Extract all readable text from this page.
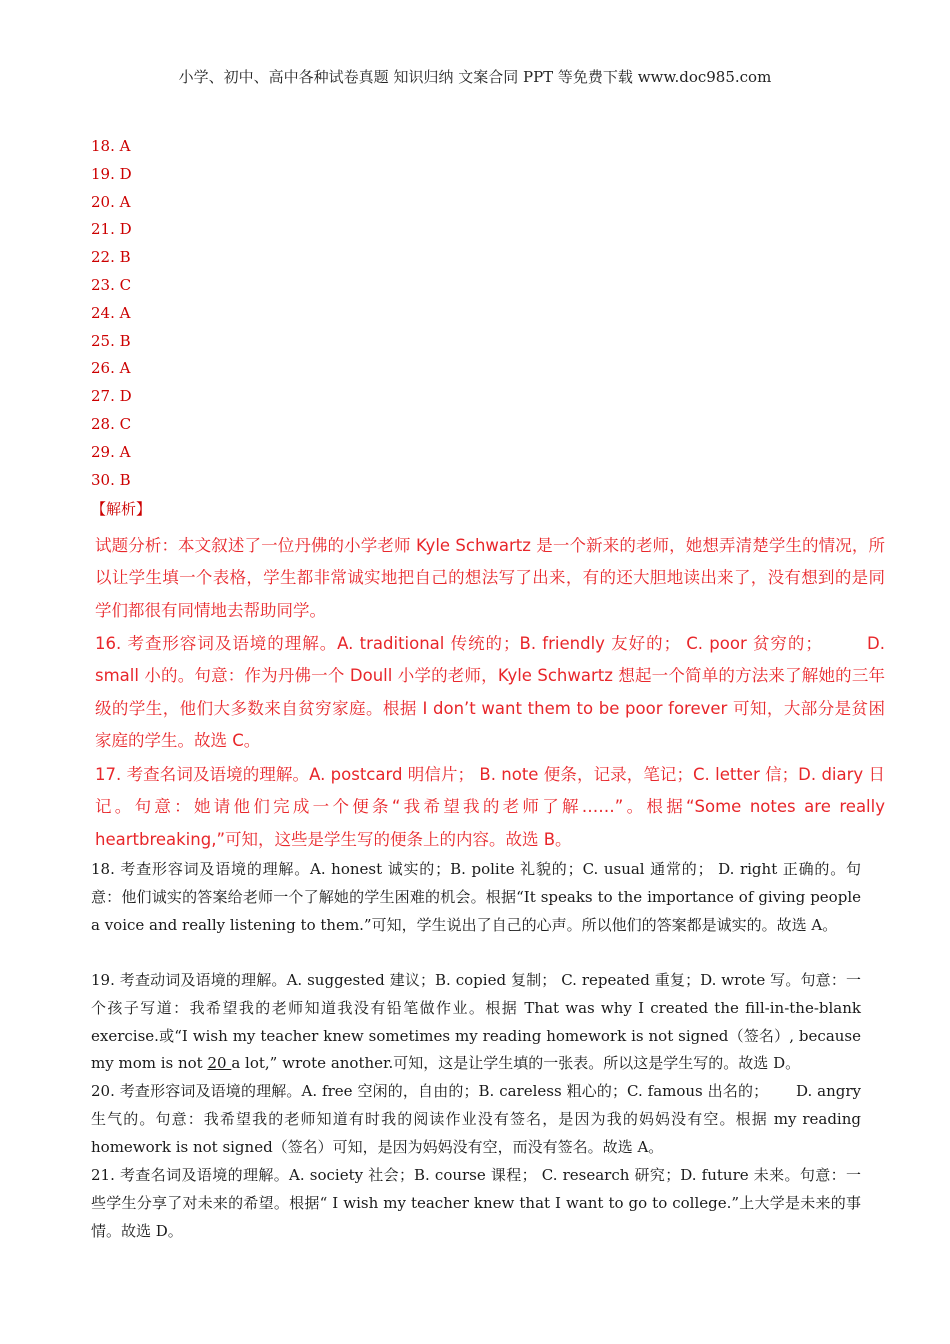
小学、初中、高中各种试卷真题 知识归纳 文案合同 PPT 等免费下载 www.doc985.com
18. A
19. D
20. A
21. D
22. B
23. C
24. A
25. B
26. A
27. D
28. C
29. A
30. B
【解析】
试题分析：本文叙述了一位丹佛的小学老师 Kyle Schwartz 是一个新来的老师，她想弄清楚学生的情况，所以让学生填一个表格，学生都非常诚实地把自己的想法写了出来，有的还大胆地读出来了，没有想到的是同学们都很有同情地去帮助同学。
16. 考查形容词及语境的理解。A. traditional 传统的；B. friendly 友好的； C. poor 贫穷的；　　　D. small 小的。句意：作为丹佛一个 Doull 小学的老师，Kyle Schwartz 想起一个简单的方法来了解她的三年级的学生，他们大多数来自贫穷家庭。根据 I don’t want them to be poor forever 可知，大部分是贫困家庭的学生。故选 C。
17. 考查名词及语境的理解。A. postcard 明信片； B. note 便条，记录，笔记；C. letter 信；D. diary 日记。句意：她请他们完成一个便条“我希望我的老师了解……”。根据“Some notes are really heartbreaking,”可知，这些是学生写的便条上的内容。故选 B。
18. 考查形容词及语境的理解。A. honest 诚实的；B. polite 礼貌的；C. usual 通常的； D. right 正确的。句意：他们诚实的答案给老师一个了解她的学生困难的机会。根据“It speaks to the importance of giving people a voice and really listening to them.”可知，学生说出了自己的心声。所以他们的答案都是诚实的。故选 A。
19. 考查动词及语境的理解。A. suggested 建议；B. copied 复制； C. repeated 重复；D. wrote 写。句意：一个孩子写道：我希望我的老师知道我没有铅笔做作业。根据 That was why I created the fill-in-the-blank exercise.或“I wish my teacher knew sometimes my reading homework is not signed（签名）, because my mom is not 20 a lot,” wrote another.可知，这是让学生填的一张表。所以这是学生写的。故选 D。
20. 考查形容词及语境的理解。A. free 空闲的，自由的；B. careless 粗心的；C. famous 出名的；　　 D. angry 生气的。句意：我希望我的老师知道有时我的阅读作业没有签名，是因为我的妈妈没有空。根据 my reading homework is not signed（签名）可知，是因为妈妈没有空，而没有签名。故选 A。
21. 考查名词及语境的理解。A. society 社会；B. course 课程； C. research 研究；D. future 未来。句意：一些学生分享了对未来的希望。根据“ I wish my teacher knew that I want to go to college.”上大学是未来的事情。故选 D。
